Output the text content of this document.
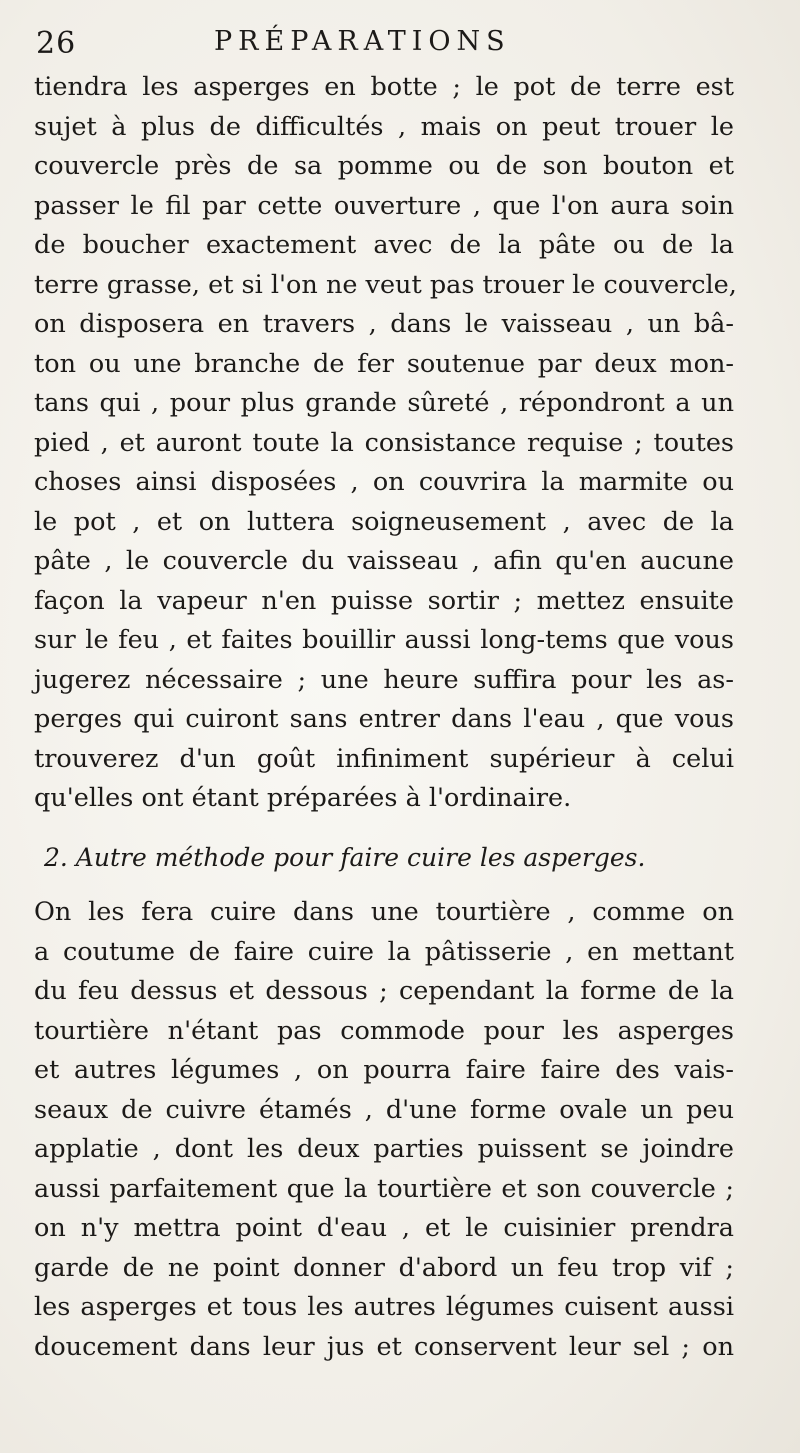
26	PRÉPARATIONS
tiendra les asperges en botte ; le pot de terre est
sujet à plus de difficultés , mais on peut trouer le
couvercle près de sa pomme ou de son bouton et
passer le fil par cette ouverture , que l'on aura soin
de boucher exactement avec de la pâte ou de la
terre grasse, et si l'on ne veut pas trouer le couvercle,
on disposera en travers , dans le vaisseau , un bâ-
ton ou une branche de fer soutenue par deux mon-
tans qui , pour plus grande sûreté , répondront a un
pied , et auront toute la consistance requise ; toutes
choses ainsi disposées , on couvrira la marmite ou
le pot , et on luttera soigneusement , avec de la
pâte , le couvercle du vaisseau , afin qu'en aucune
façon la vapeur n'en puisse sortir ; mettez ensuite
sur le feu , et faites bouillir aussi long-tems que vous
jugerez nécessaire ; une heure suffira pour les as-
perges qui cuiront sans entrer dans l'eau , que vous
trouverez d'un goût infiniment supérieur à celui
qu'elles ont étant préparées à l'ordinaire.
2. Autre méthode pour faire cuire les asperges.
On les fera cuire dans une tourtière , comme on
a coutume de faire cuire la pâtisserie , en mettant
du feu dessus et dessous ; cependant la forme de la
tourtière n'étant pas commode pour les asperges
et autres légumes , on pourra faire faire des vais-
seaux de cuivre étamés , d'une forme ovale un peu
applatie , dont les deux parties puissent se joindre
aussi parfaitement que la tourtière et son couvercle ;
on n'y mettra point d'eau , et le cuisinier prendra
garde de ne point donner d'abord un feu trop vif ;
les asperges et tous les autres légumes cuisent aussi
doucement dans leur jus et conservent leur sel ; on
